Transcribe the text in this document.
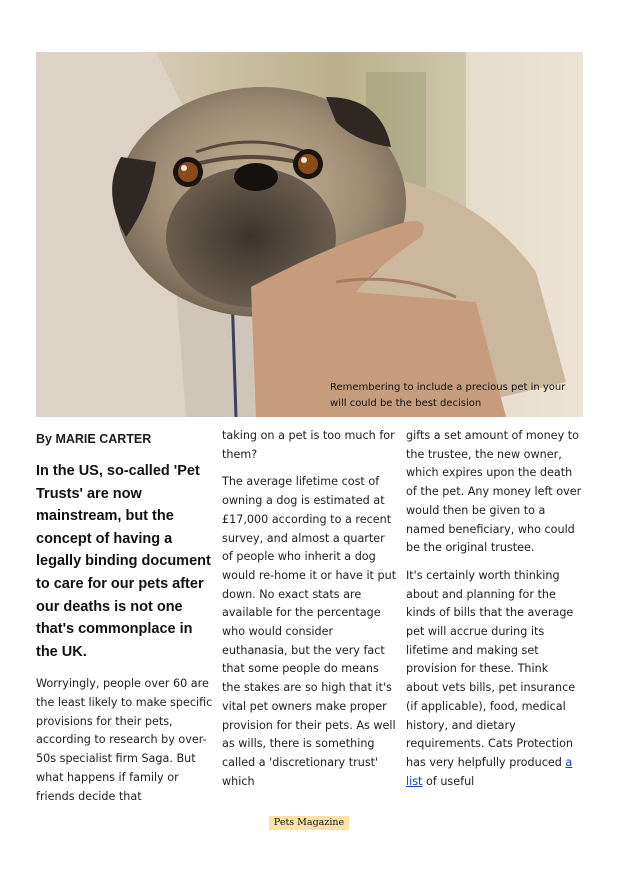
Remembering to include a precious pet in your will could be the best decision

By MARIE CARTER

In the US, so-called 'Pet Trusts' are now mainstream, but the concept of having a legally binding document to care for our pets after our deaths is not one that's commonplace in the UK.

Worryingly, people over 60 are the least likely to make specific provisions for their pets, according to research by over-50s specialist firm Saga. But what happens if family or friends decide that

taking on a pet is too much for them?

The average lifetime cost of owning a dog is estimated at £17,000 according to a recent survey, and almost a quarter of people who inherit a dog would re-home it or have it put down. No exact stats are available for the percentage who would consider euthanasia, but the very fact that some people do means the stakes are so high that it's vital pet owners make proper provision for their pets. As well as wills, there is something called a 'discretionary trust' which

gifts a set amount of money to the trustee, the new owner, which expires upon the death of the pet. Any money left over would then be given to a named beneficiary, who could be the original trustee.

It's certainly worth thinking about and planning for the kinds of bills that the average pet will accrue during its lifetime and making set provision for these. Think about vets bills, pet insurance (if applicable), food, medical history, and dietary requirements. Cats Protection has very helpfully produced a list of useful

Pets Magazine
